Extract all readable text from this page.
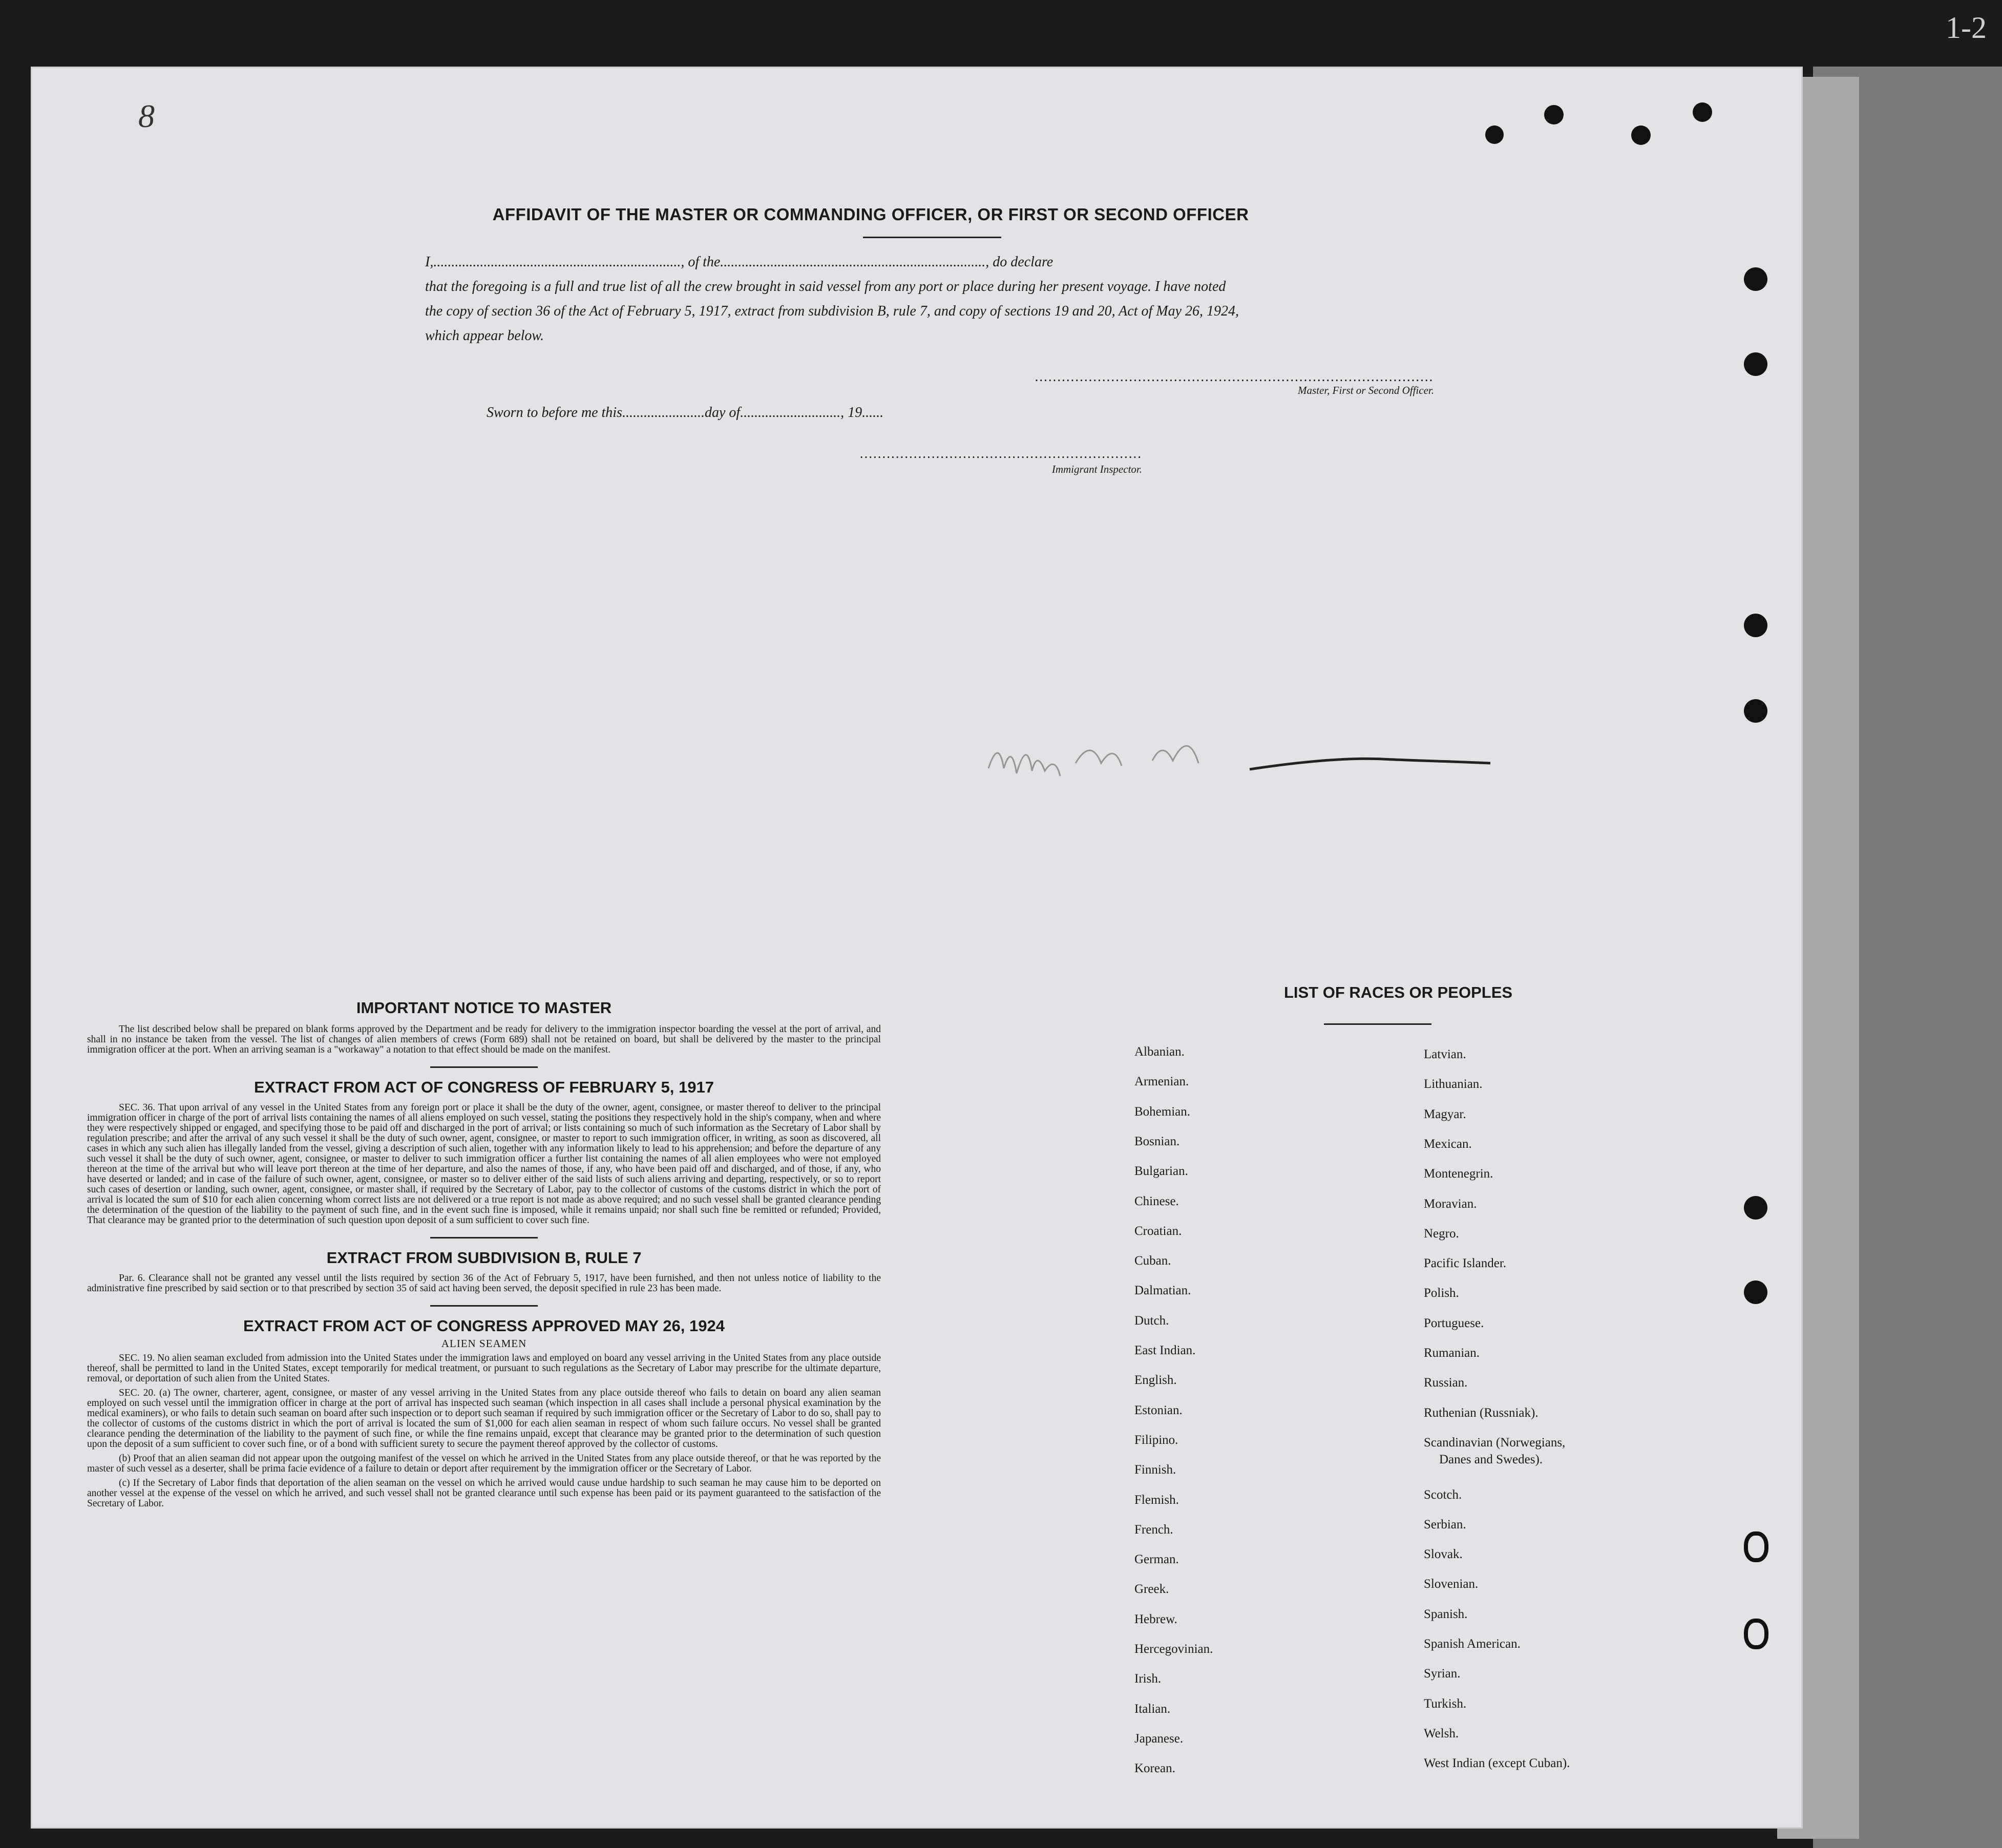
1-2
8
AFFIDAVIT OF THE MASTER OR COMMANDING OFFICER, OR FIRST OR SECOND OFFICER

I,....................................................................., of the.........................................................................., do declare

that the foregoing is a full and true list of all the crew brought in said vessel from any port or place during her present voyage. I have noted

the copy of section 36 of the Act of February 5, 1917, extract from subdivision B, rule 7, and copy of sections 19 and 20, Act of May 26, 1924,

which appear below.

.........................................................................................
Master, First or Second Officer.
Sworn to before me this.......................day of............................, 19......
...............................................................
Immigrant Inspector.
IMPORTANT NOTICE TO MASTER

The list described below shall be prepared on blank forms approved by the Department and be ready for delivery to the immigration inspector boarding the vessel at the port of arrival, and shall in no instance be taken from the vessel. The list of changes of alien members of crews (Form 689) shall not be retained on board, but shall be delivered by the master to the principal immigration officer at the port. When an arriving seaman is a "workaway" a notation to that effect should be made on the manifest.

EXTRACT FROM ACT OF CONGRESS OF FEBRUARY 5, 1917

SEC. 36. That upon arrival of any vessel in the United States from any foreign port or place it shall be the duty of the owner, agent, consignee, or master thereof to deliver to the principal immigration officer in charge of the port of arrival lists containing the names of all aliens employed on such vessel, stating the positions they respectively hold in the ship's company, when and where they were respectively shipped or engaged, and specifying those to be paid off and discharged in the port of arrival; or lists containing so much of such information as the Secretary of Labor shall by regulation prescribe; and after the arrival of any such vessel it shall be the duty of such owner, agent, consignee, or master to report to such immigration officer, in writing, as soon as discovered, all cases in which any such alien has illegally landed from the vessel, giving a description of such alien, together with any information likely to lead to his apprehension; and before the departure of any such vessel it shall be the duty of such owner, agent, consignee, or master to deliver to such immigration officer a further list containing the names of all alien employees who were not employed thereon at the time of the arrival but who will leave port thereon at the time of her departure, and also the names of those, if any, who have been paid off and discharged, and of those, if any, who have deserted or landed; and in case of the failure of such owner, agent, consignee, or master so to deliver either of the said lists of such aliens arriving and departing, respectively, or so to report such cases of desertion or landing, such owner, agent, consignee, or master shall, if required by the Secretary of Labor, pay to the collector of customs of the customs district in which the port of arrival is located the sum of $10 for each alien concerning whom correct lists are not delivered or a true report is not made as above required; and no such vessel shall be granted clearance pending the determination of the question of the liability to the payment of such fine, and in the event such fine is imposed, while it remains unpaid; nor shall such fine be remitted or refunded; Provided, That clearance may be granted prior to the determination of such question upon deposit of a sum sufficient to cover such fine.

EXTRACT FROM SUBDIVISION B, RULE 7

Par. 6. Clearance shall not be granted any vessel until the lists required by section 36 of the Act of February 5, 1917, have been furnished, and then not unless notice of liability to the administrative fine prescribed by said section or to that prescribed by section 35 of said act having been served, the deposit specified in rule 23 has been made.

EXTRACT FROM ACT OF CONGRESS APPROVED MAY 26, 1924
ALIEN SEAMEN

SEC. 19. No alien seaman excluded from admission into the United States under the immigration laws and employed on board any vessel arriving in the United States from any place outside thereof, shall be permitted to land in the United States, except temporarily for medical treatment, or pursuant to such regulations as the Secretary of Labor may prescribe for the ultimate departure, removal, or deportation of such alien from the United States.

SEC. 20. (a) The owner, charterer, agent, consignee, or master of any vessel arriving in the United States from any place outside thereof who fails to detain on board any alien seaman employed on such vessel until the immigration officer in charge at the port of arrival has inspected such seaman (which inspection in all cases shall include a personal physical examination by the medical examiners), or who fails to detain such seaman on board after such inspection or to deport such seaman if required by such immigration officer or the Secretary of Labor to do so, shall pay to the collector of customs of the customs district in which the port of arrival is located the sum of $1,000 for each alien seaman in respect of whom such failure occurs. No vessel shall be granted clearance pending the determination of the liability to the payment of such fine, or while the fine remains unpaid, except that clearance may be granted prior to the determination of such question upon the deposit of a sum sufficient to cover such fine, or of a bond with sufficient surety to secure the payment thereof approved by the collector of customs.

(b) Proof that an alien seaman did not appear upon the outgoing manifest of the vessel on which he arrived in the United States from any place outside thereof, or that he was reported by the master of such vessel as a deserter, shall be prima facie evidence of a failure to detain or deport after requirement by the immigration officer or the Secretary of Labor.

(c) If the Secretary of Labor finds that deportation of the alien seaman on the vessel on which he arrived would cause undue hardship to such seaman he may cause him to be deported on another vessel at the expense of the vessel on which he arrived, and such vessel shall not be granted clearance until such expense has been paid or its payment guaranteed to the satisfaction of the Secretary of Labor.

LIST OF RACES OR PEOPLES
Albanian.
Armenian.
Bohemian.
Bosnian.
Bulgarian.
Chinese.
Croatian.
Cuban.
Dalmatian.
Dutch.
East Indian.
English.
Estonian.
Filipino.
Finnish.
Flemish.
French.
German.
Greek.
Hebrew.
Hercegovinian.
Irish.
Italian.
Japanese.
Korean.
Latvian.
Lithuanian.
Magyar.
Mexican.
Montenegrin.
Moravian.
Negro.
Pacific Islander.
Polish.
Portuguese.
Rumanian.
Russian.
Ruthenian (Russniak).
Scandinavian (Norwegians,
Danes and Swedes).
Scotch.
Serbian.
Slovak.
Slovenian.
Spanish.
Spanish American.
Syrian.
Turkish.
Welsh.
West Indian (except Cuban).
